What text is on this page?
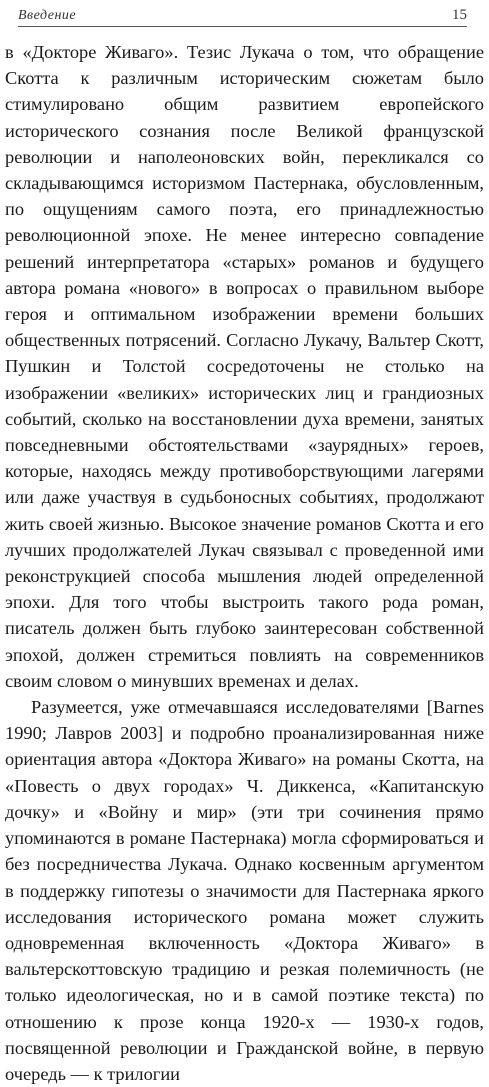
Введение	15

в «Докторе Живаго». Тезис Лукача о том, что обращение Скотта к различным историческим сюжетам было стимулировано общим развитием европейского исторического сознания после Великой французской революции и наполеоновских войн, перекликался со складывающимся историзмом Пастернака, обусловленным, по ощущениям самого поэта, его принадлежностью революционной эпохе. Не менее интересно совпадение решений интерпретатора «старых» романов и будущего автора романа «нового» в вопросах о правильном выборе героя и оптимальном изображении времени больших общественных потрясений. Согласно Лукачу, Вальтер Скотт, Пушкин и Толстой сосредоточены не столько на изображении «великих» исторических лиц и грандиозных событий, сколько на восстановлении духа времени, занятых повседневными обстоятельствами «заурядных» героев, которые, находясь между противоборствующими лагерями или даже участвуя в судьбоносных событиях, продолжают жить своей жизнью. Высокое значение романов Скотта и его лучших продолжателей Лукач связывал с проведенной ими реконструкцией способа мышления людей определенной эпохи. Для того чтобы выстроить такого рода роман, писатель должен быть глубоко заинтересован собственной эпохой, должен стремиться повлиять на современников своим словом о минувших временах и делах.

Разумеется, уже отмечавшаяся исследователями [Barnes 1990; Лавров 2003] и подробно проанализированная ниже ориентация автора «Доктора Живаго» на романы Скотта, на «Повесть о двух городах» Ч. Диккенса, «Капитанскую дочку» и «Войну и мир» (эти три сочинения прямо упоминаются в романе Пастернака) могла сформироваться и без посредничества Лукача. Однако косвенным аргументом в поддержку гипотезы о значимости для Пастернака яркого исследования исторического романа может служить одновременная включенность «Доктора Живаго» в вальтерскоттовскую традицию и резкая полемичность (не только идеологическая, но и в самой поэтике текста) по отношению к прозе конца 1920-х — 1930-х годов, посвященной революции и Гражданской войне, в первую очередь — к трилогии
